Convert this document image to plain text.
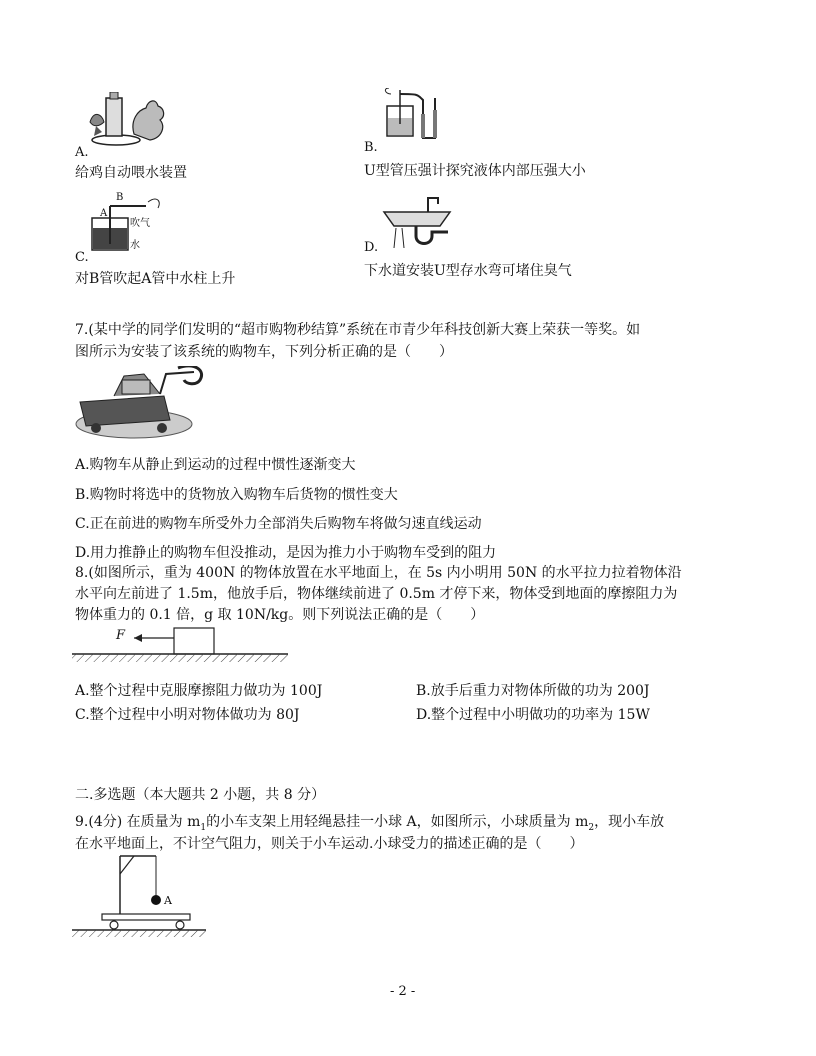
A.
给鸡自动喂水装置
B.
U型管压强计探究液体内部压强大小
B
A
吹气
水
C.
对B管吹起A管中水柱上升
D.
下水道安装U型存水弯可堵住臭气
7.(某中学的同学们发明的“超市购物秒结算”系统在市青少年科技创新大赛上荣获一等奖。如
图所示为安装了该系统的购物车，下列分析正确的是（　　）
A.购物车从静止到运动的过程中惯性逐渐变大
B.购物时将选中的货物放入购物车后货物的惯性变大
C.正在前进的购物车所受外力全部消失后购物车将做匀速直线运动
D.用力推静止的购物车但没推动，是因为推力小于购物车受到的阻力
8.(如图所示，重为 400N 的物体放置在水平地面上，在 5s 内小明用 50N 的水平拉力拉着物体沿
水平向左前进了 1.5m，他放手后，物体继续前进了 0.5m 才停下来，物体受到地面的摩擦阻力为
物体重力的 0.1 倍，g 取 10N/kg。则下列说法正确的是（　　）
F
A.整个过程中克服摩擦阻力做功为 100J	B.放手后重力对物体所做的功为 200J
C.整个过程中小明对物体做功为 80J	D.整个过程中小明做功的功率为 15W
二.多选题（本大题共 2 小题，共 8 分）
9.(4分) 在质量为 $m_1$的小车支架上用轻绳悬挂一小球 A，如图所示，小球质量为 $m_2$，现小车放
在水平地面上，不计空气阻力，则关于小车运动.小球受力的描述正确的是（　　）
A
- 2 -
